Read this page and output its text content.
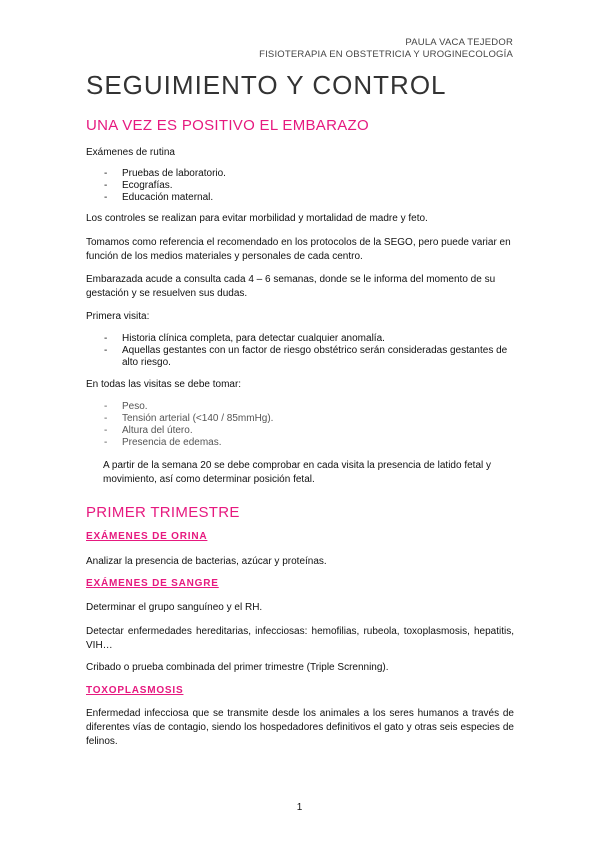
PAULA VACA TEJEDOR
FISIOTERAPIA EN OBSTETRICIA Y UROGINECOLOGÍA
SEGUIMIENTO Y CONTROL
UNA VEZ ES POSITIVO EL EMBARAZO

Exámenes de rutina

- Pruebas de laboratorio.
- Ecografías.
- Educación maternal.

Los controles se realizan para evitar morbilidad y mortalidad de madre y feto.

Tomamos como referencia el recomendado en los protocolos de la SEGO, pero puede variar en función de los medios materiales y personales de cada centro.

Embarazada acude a consulta cada 4 – 6 semanas, donde se le informa del momento de su gestación y se resuelven sus dudas.

Primera visita:

- Historia clínica completa, para detectar cualquier anomalía.
- Aquellas gestantes con un factor de riesgo obstétrico serán consideradas gestantes de alto riesgo.

En todas las visitas se debe tomar:

- Peso.
- Tensión arterial (<140 / 85mmHg).
- Altura del útero.
- Presencia de edemas.

A partir de la semana 20 se debe comprobar en cada visita la presencia de latido fetal y movimiento, así como determinar posición fetal.

PRIMER TRIMESTRE
EXÁMENES DE ORINA

Analizar la presencia de bacterias, azúcar y proteínas.

EXÁMENES DE SANGRE

Determinar el grupo sanguíneo y el RH.

Detectar enfermedades hereditarias, infecciosas: hemofilias, rubeola, toxoplasmosis, hepatitis, VIH…

Cribado o prueba combinada del primer trimestre (Triple Screnning).

TOXOPLASMOSIS

Enfermedad infecciosa que se transmite desde los animales a los seres humanos a través de diferentes vías de contagio, siendo los hospedadores definitivos el gato y otras seis especies de felinos.

1
